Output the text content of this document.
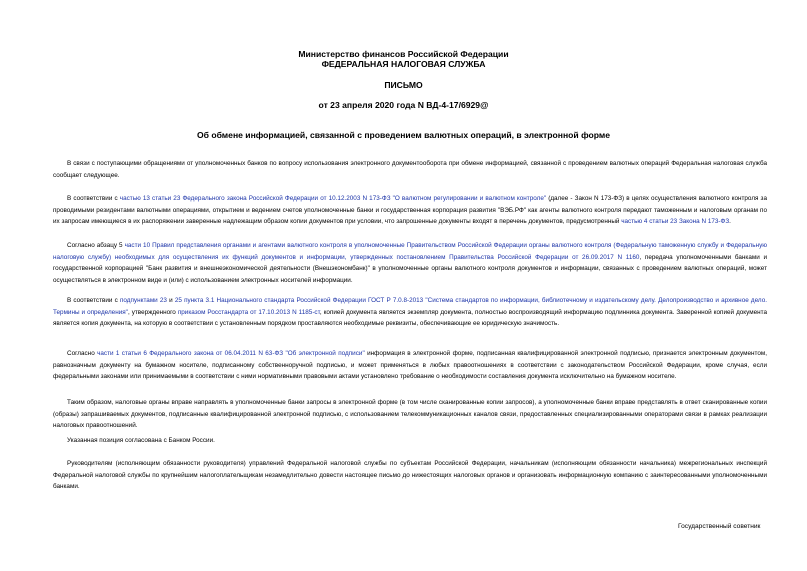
Министерство финансов Российской Федерации
ФЕДЕРАЛЬНАЯ НАЛОГОВАЯ СЛУЖБА
ПИСЬМО
от 23 апреля 2020 года N ВД-4-17/6929@
Об обмене информацией, связанной с проведением валютных операций, в электронной форме
В связи с поступающими обращениями от уполномоченных банков по вопросу использования электронного документооборота при обмене информацией, связанной с проведением валютных операций Федеральная налоговая служба сообщает следующее.
В соответствии с частью 13 статьи 23 Федерального закона Российской Федерации от 10.12.2003 N 173-ФЗ "О валютном регулировании и валютном контроле" (далее - Закон N 173-ФЗ) в целях осуществления валютного контроля за проводимыми резидентами валютными операциями, открытием и ведением счетов уполномоченные банки и государственная корпорация развития "ВЭБ.РФ" как агенты валютного контроля передают таможенным и налоговым органам по их запросам имеющиеся в их распоряжении заверенные надлежащим образом копии документов при условии, что запрошенные документы входят в перечень документов, предусмотренный частью 4 статьи 23 Закона N 173-ФЗ.
Согласно абзацу 5 части 10 Правил представления органами и агентами валютного контроля в уполномоченные Правительством Российской Федерации органы валютного контроля (Федеральную таможенную службу и Федеральную налоговую службу) необходимых для осуществления их функций документов и информации, утвержденных постановлением Правительства Российской Федерации от 26.09.2017 N 1160, передача уполномоченными банками и государственной корпорацией "Банк развития и внешнеэкономической деятельности (Внешэкономбанк)" в уполномоченные органы валютного контроля документов и информации, связанных с проведением валютных операций, может осуществляться в электронном виде и (или) с использованием электронных носителей информации.
В соответствии с подпунктами 23 и 25 пункта 3.1 Национального стандарта Российской Федерации ГОСТ Р 7.0.8-2013 "Система стандартов по информации, библиотечному и издательскому делу. Делопроизводство и архивное дело. Термины и определения", утвержденного приказом Росстандарта от 17.10.2013 N 1185-ст, копией документа является экземпляр документа, полностью воспроизводящий информацию подлинника документа. Заверенной копией документа является копия документа, на которую в соответствии с установленным порядком проставляются необходимые реквизиты, обеспечивающие ее юридическую значимость.
Согласно части 1 статьи 6 Федерального закона от 06.04.2011 N 63-ФЗ "Об электронной подписи" информация в электронной форме, подписанная квалифицированной электронной подписью, признается электронным документом, равнозначным документу на бумажном носителе, подписанному собственноручной подписью, и может применяться в любых правоотношениях в соответствии с законодательством Российской Федерации, кроме случая, если федеральными законами или принимаемыми в соответствии с ними нормативными правовыми актами установлено требование о необходимости составления документа исключительно на бумажном носителе.
Таким образом, налоговые органы вправе направлять в уполномоченные банки запросы в электронной форме (в том числе сканированные копии запросов), а уполномоченные банки вправе представлять в ответ сканированные копии (образы) запрашиваемых документов, подписанные квалифицированной электронной подписью, с использованием телекоммуникационных каналов связи, предоставленных специализированными операторами связи в рамках реализации налоговых правоотношений.
Указанная позиция согласована с Банком России.
Руководителям (исполняющим обязанности руководителя) управлений Федеральной налоговой службы по субъектам Российской Федерации, начальникам (исполняющим обязанности начальника) межрегиональных инспекций Федеральной налоговой службы по крупнейшим налогоплательщикам незамедлительно довести настоящее письмо до нижестоящих налоговых органов и организовать информационную компанию с заинтересованными уполномоченными банками.
Государственный советник
